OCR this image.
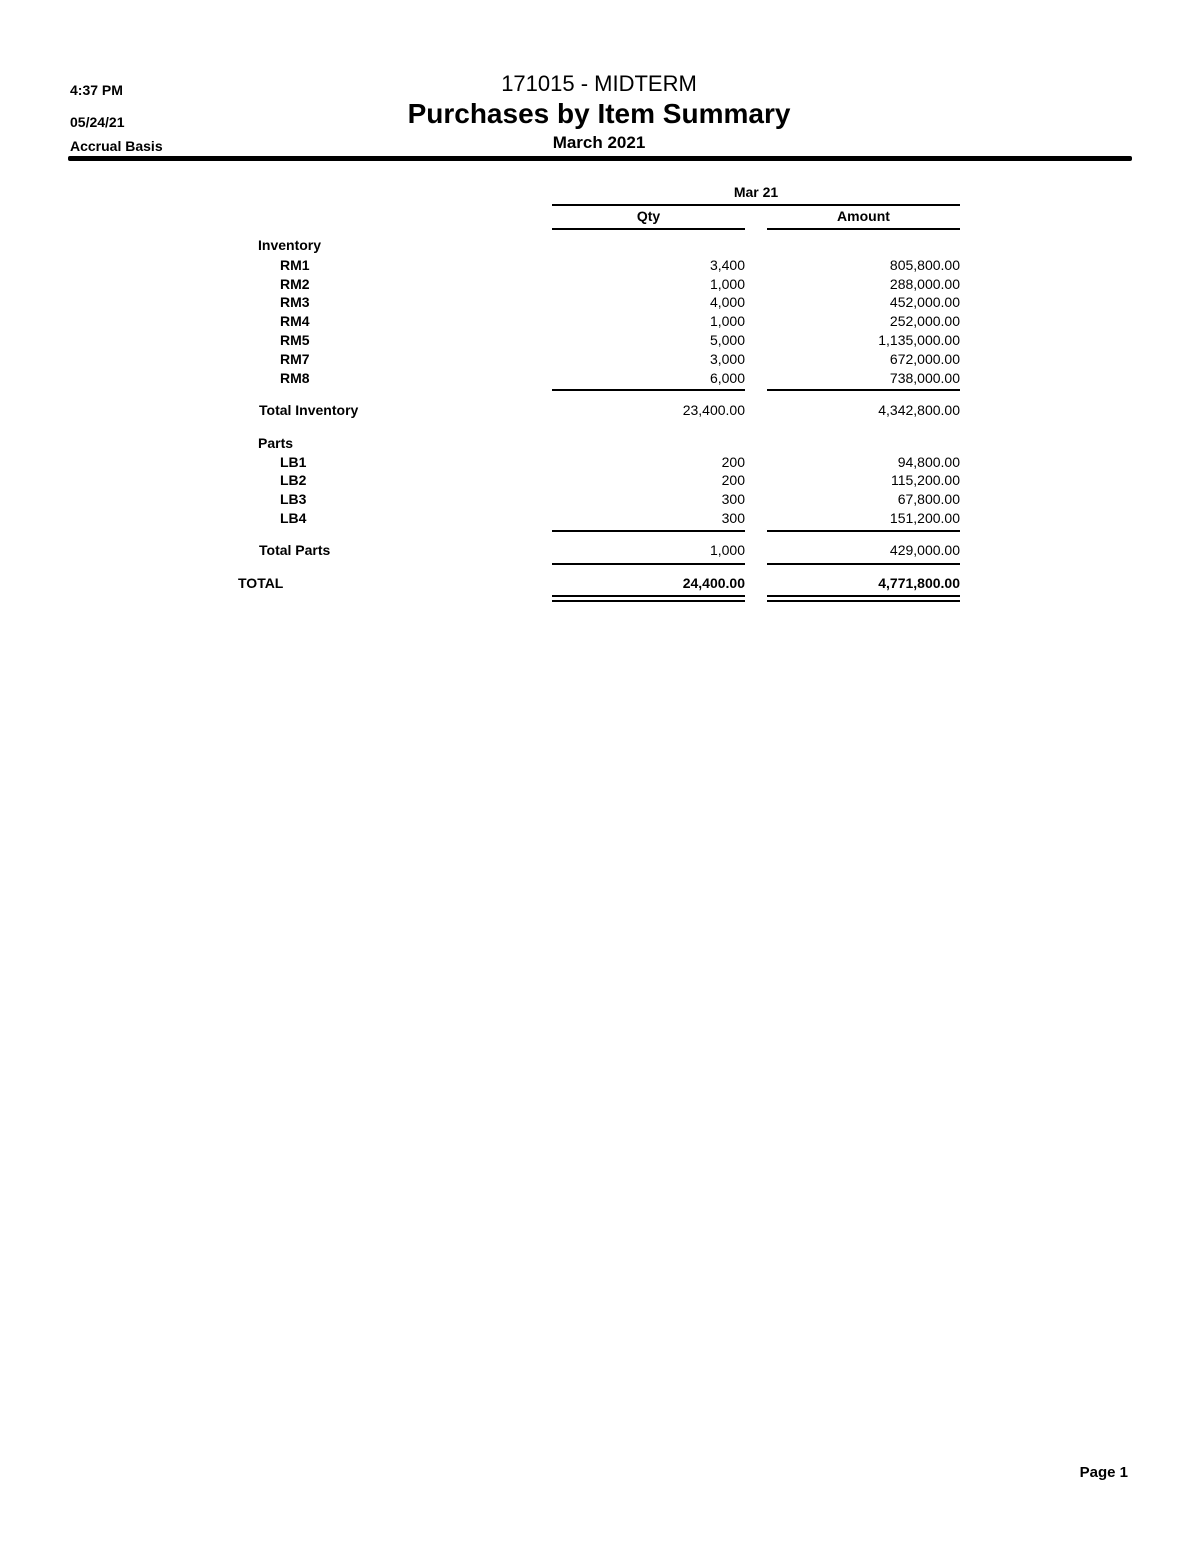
4:37 PM
05/24/21
Accrual Basis
171015 - MIDTERM
Purchases by Item Summary
March 2021
Mar 21
Qty	Amount
Inventory
RM1	3,400	805,800.00
RM2	1,000	288,000.00
RM3	4,000	452,000.00
RM4	1,000	252,000.00
RM5	5,000	1,135,000.00
RM7	3,000	672,000.00
RM8	6,000	738,000.00
Total Inventory	23,400.00	4,342,800.00
Parts
LB1	200	94,800.00
LB2	200	115,200.00
LB3	300	67,800.00
LB4	300	151,200.00
Total Parts	1,000	429,000.00
TOTAL	24,400.00	4,771,800.00
Page 1
